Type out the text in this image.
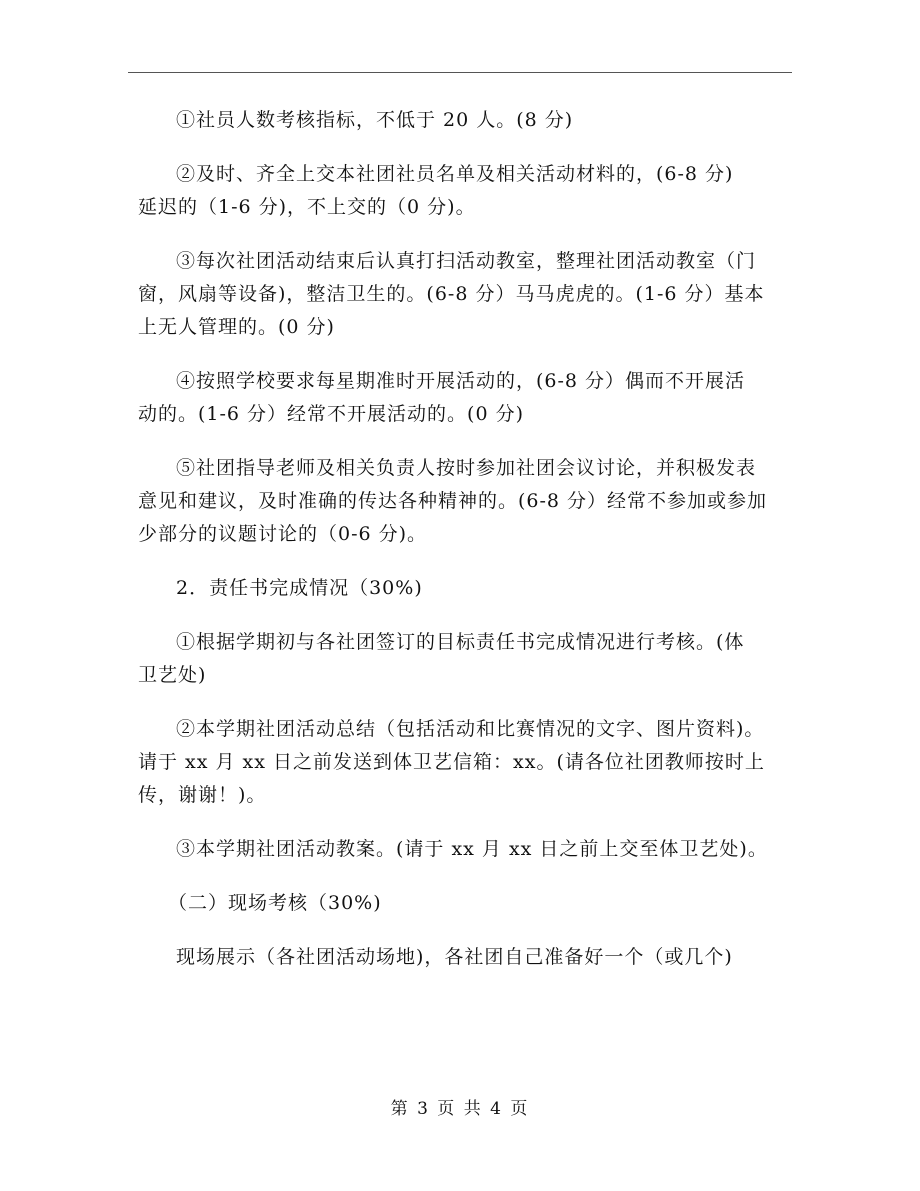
①社员人数考核指标，不低于 20 人。(8 分)

②及时、齐全上交本社团社员名单及相关活动材料的，(6-8 分)
延迟的（1-6 分)，不上交的（0 分)。

③每次社团活动结束后认真打扫活动教室，整理社团活动教室（门
窗，风扇等设备)，整洁卫生的。(6-8 分）马马虎虎的。(1-6 分）基本
上无人管理的。(0 分)

④按照学校要求每星期准时开展活动的，(6-8 分）偶而不开展活
动的。(1-6 分）经常不开展活动的。(0 分)

⑤社团指导老师及相关负责人按时参加社团会议讨论，并积极发表
意见和建议，及时准确的传达各种精神的。(6-8 分）经常不参加或参加
少部分的议题讨论的（0-6 分)。

2．责任书完成情况（30%)

①根据学期初与各社团签订的目标责任书完成情况进行考核。(体
卫艺处)

②本学期社团活动总结（包括活动和比赛情况的文字、图片资料)。
请于 xx 月 xx 日之前发送到体卫艺信箱：xx。(请各位社团教师按时上
传，谢谢！)。

③本学期社团活动教案。(请于 xx 月 xx 日之前上交至体卫艺处)。

（二）现场考核（30%)

现场展示（各社团活动场地)，各社团自己准备好一个（或几个)

第 3 页 共 4 页
